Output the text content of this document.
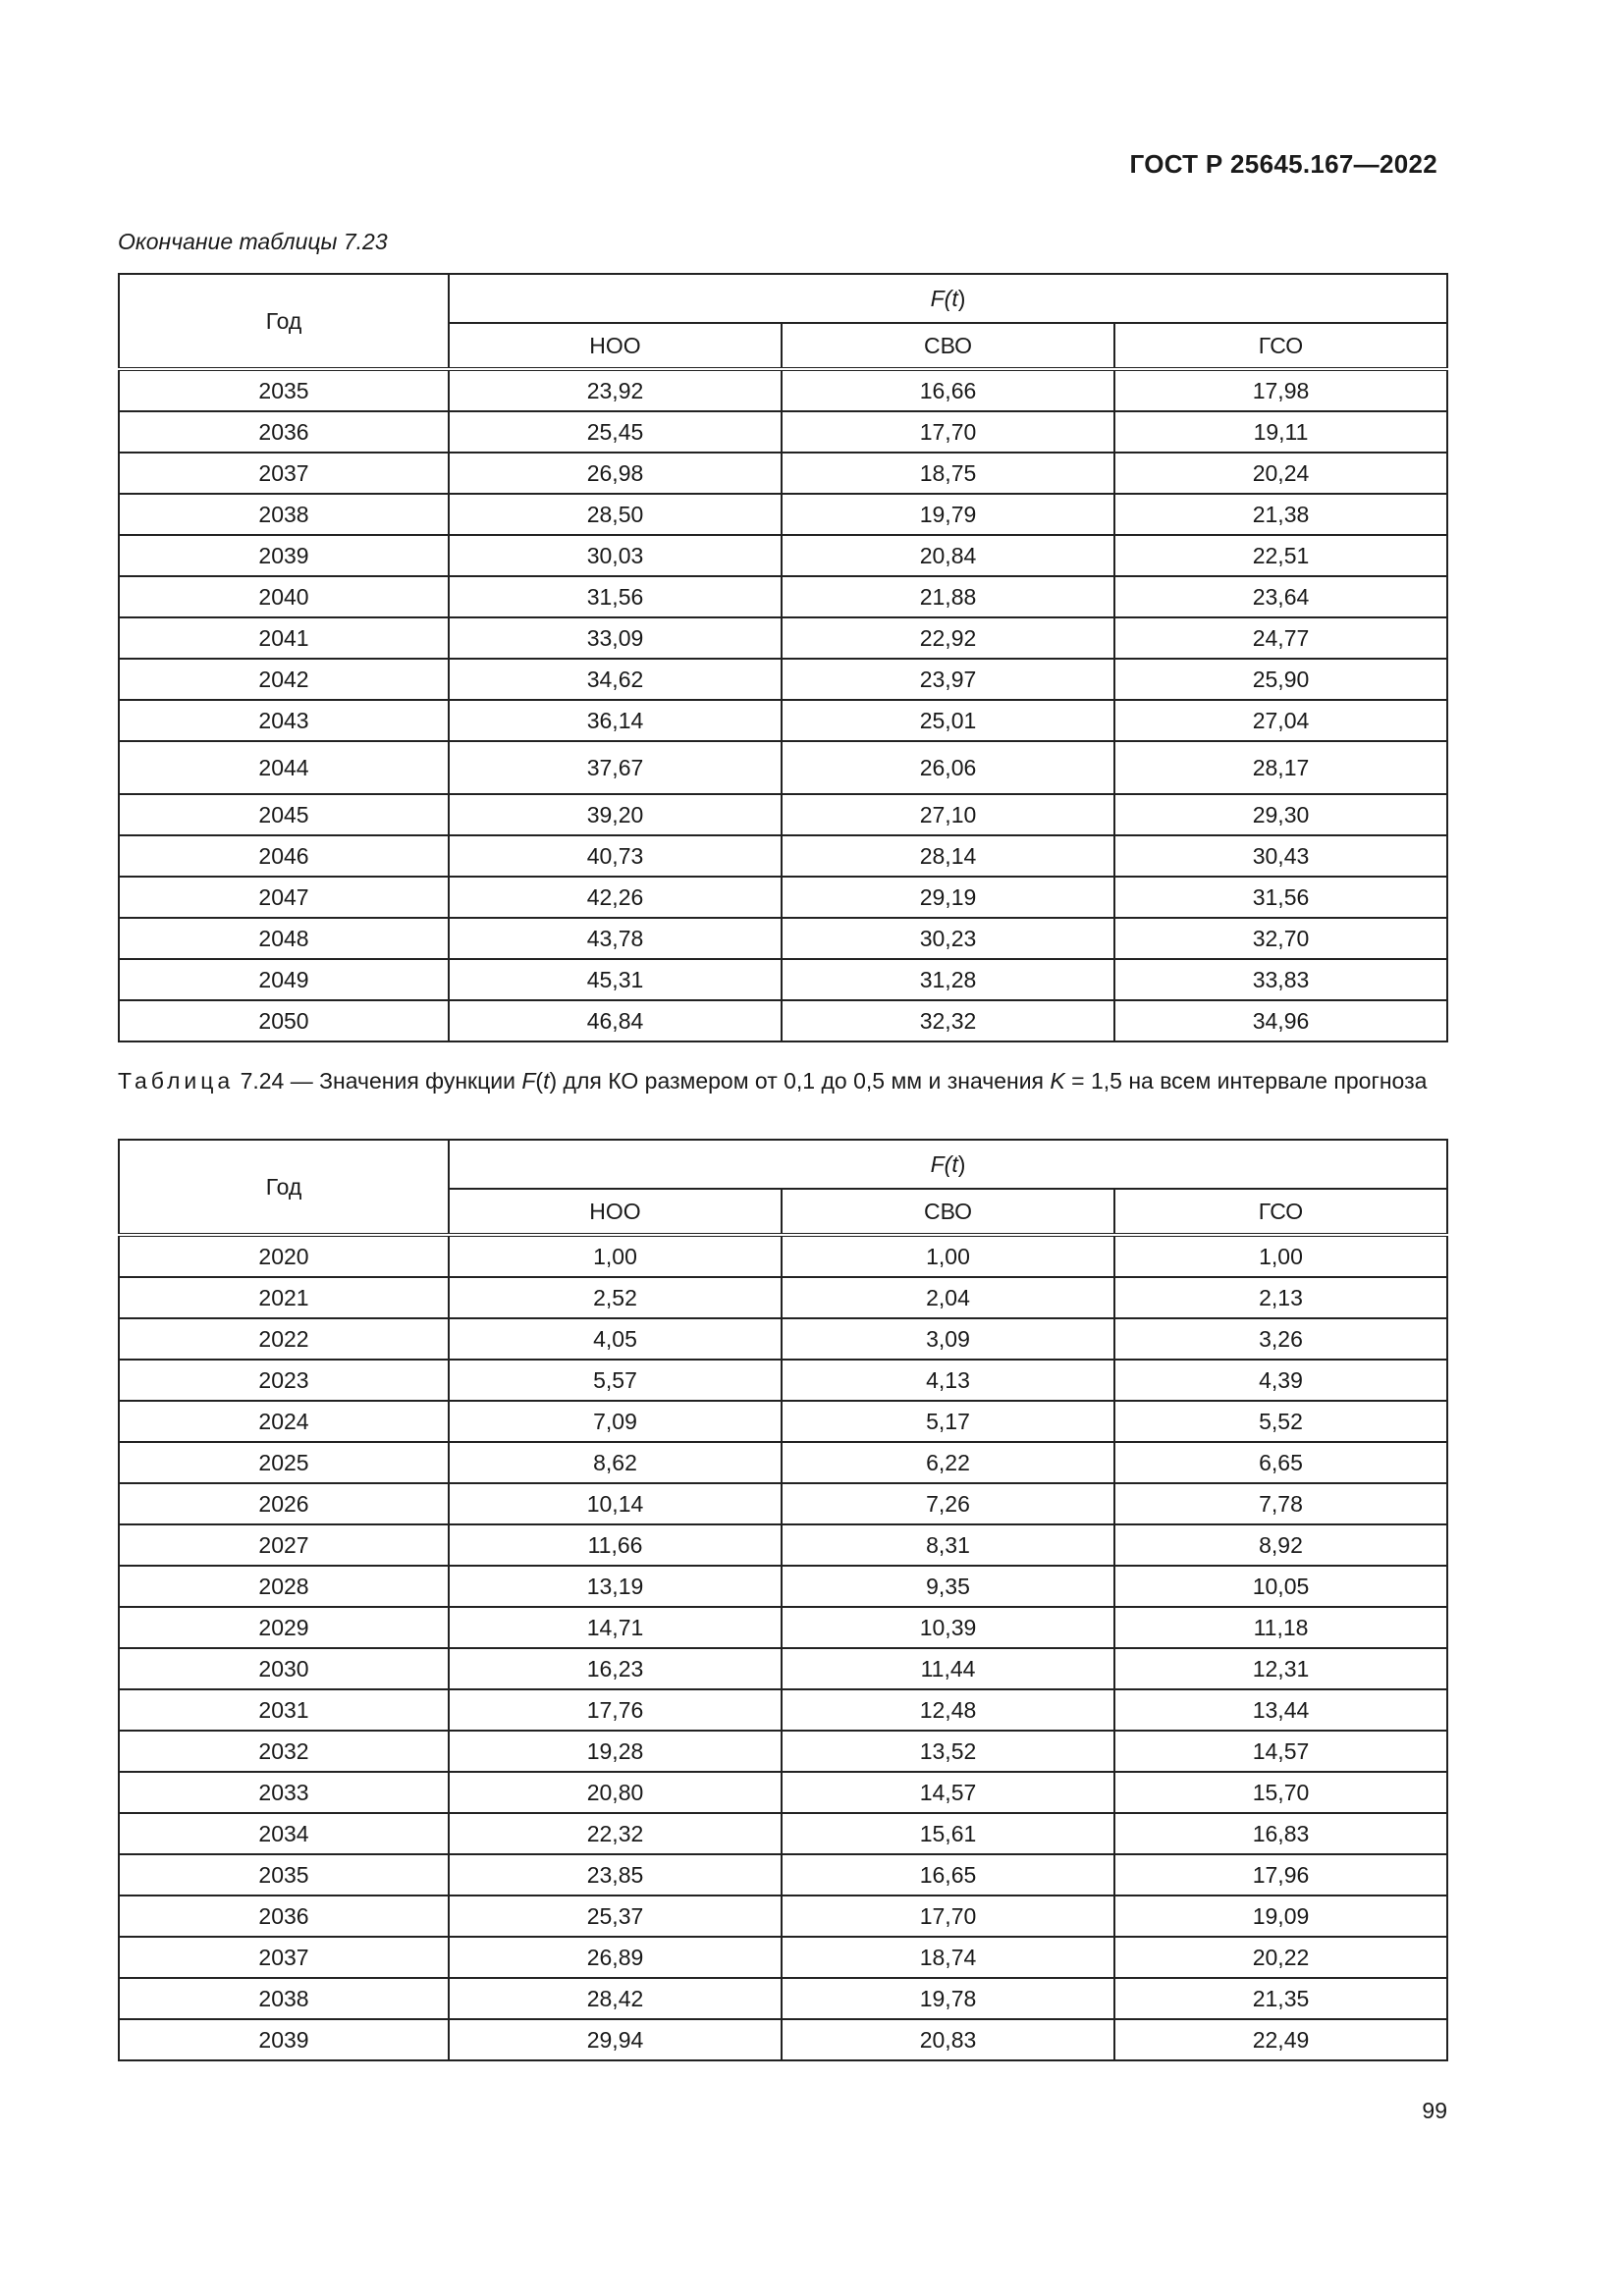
ГОСТ Р 25645.167—2022
Окончание таблицы 7.23
Год	F(t)		
	НОО	СВО	ГСО
2035	23,92	16,66	17,98
2036	25,45	17,70	19,11
2037	26,98	18,75	20,24
2038	28,50	19,79	21,38
2039	30,03	20,84	22,51
2040	31,56	21,88	23,64
2041	33,09	22,92	24,77
2042	34,62	23,97	25,90
2043	36,14	25,01	27,04
2044	37,67	26,06	28,17
2045	39,20	27,10	29,30
2046	40,73	28,14	30,43
2047	42,26	29,19	31,56
2048	43,78	30,23	32,70
2049	45,31	31,28	33,83
2050	46,84	32,32	34,96
Таблица 7.24 — Значения функции F(t) для КО размером от 0,1 до 0,5 мм и значения K = 1,5 на всем интервале прогноза
Год	F(t)		
	НОО	СВО	ГСО
2020	1,00	1,00	1,00
2021	2,52	2,04	2,13
2022	4,05	3,09	3,26
2023	5,57	4,13	4,39
2024	7,09	5,17	5,52
2025	8,62	6,22	6,65
2026	10,14	7,26	7,78
2027	11,66	8,31	8,92
2028	13,19	9,35	10,05
2029	14,71	10,39	11,18
2030	16,23	11,44	12,31
2031	17,76	12,48	13,44
2032	19,28	13,52	14,57
2033	20,80	14,57	15,70
2034	22,32	15,61	16,83
2035	23,85	16,65	17,96
2036	25,37	17,70	19,09
2037	26,89	18,74	20,22
2038	28,42	19,78	21,35
2039	29,94	20,83	22,49
99
